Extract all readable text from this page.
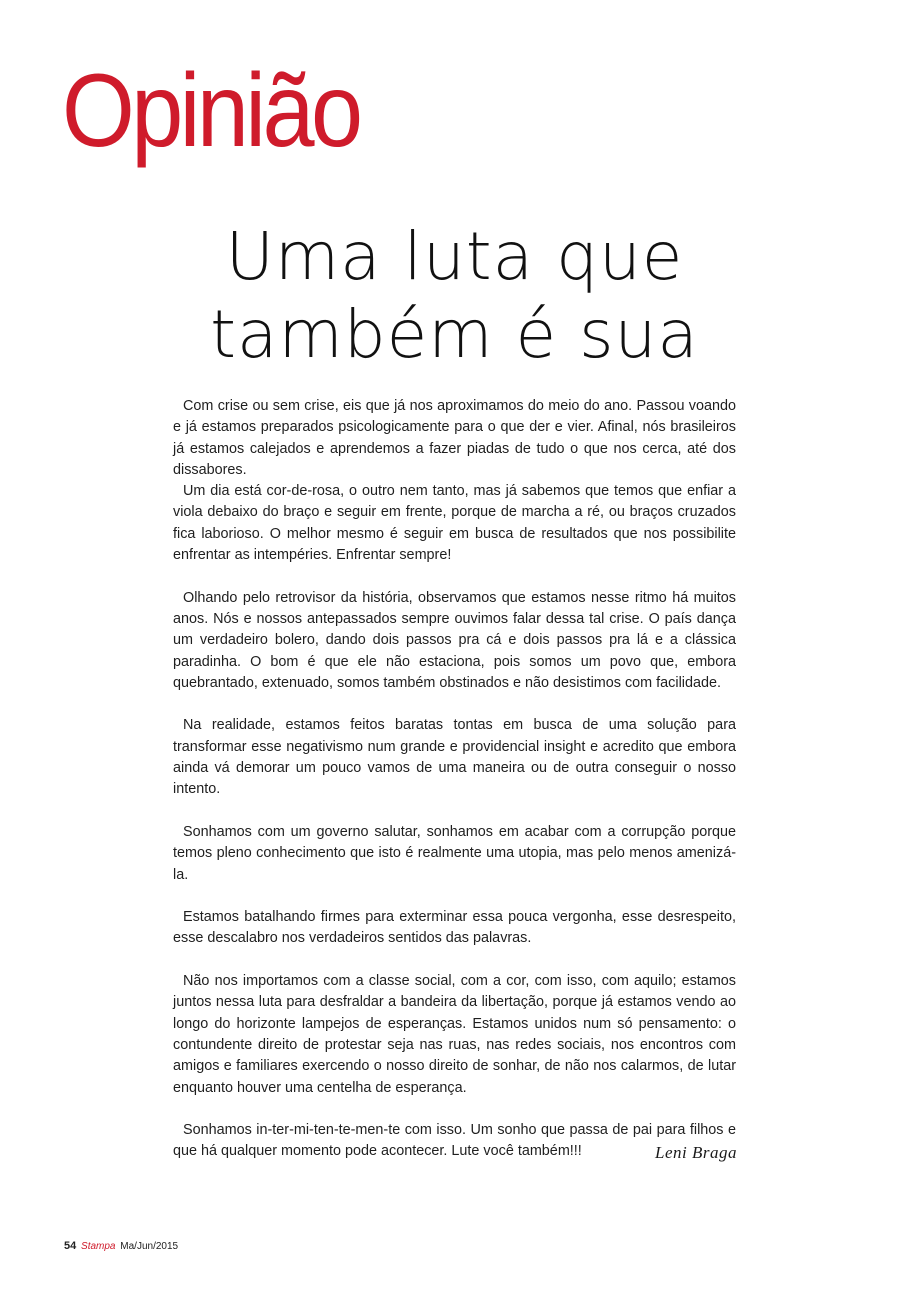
Opinião
Uma luta que
também é sua

Com crise ou sem crise, eis que já nos aproximamos do meio do ano. Passou voando e já estamos preparados psicologicamente para o que der e vier. Afinal, nós brasileiros já estamos calejados e aprendemos a fazer piadas de tudo o que nos cerca, até dos dissabores.

Um dia está cor-de-rosa, o outro nem tanto, mas já sabemos que temos que enfiar a viola debaixo do braço e seguir em frente, porque de marcha a ré, ou braços cruzados fica laborioso. O melhor mesmo é seguir em busca de resultados que nos possibilite enfrentar as intempéries. Enfrentar sempre!

Olhando pelo retrovisor da história, observamos que estamos nesse ritmo há muitos anos. Nós e nossos antepassados sempre ouvimos falar dessa tal crise. O país dança um verdadeiro bolero, dando dois passos pra cá e dois passos pra lá e a clássica paradinha. O bom é que ele não estaciona, pois somos um povo que, embora quebrantado, extenuado, somos também obstinados e não desistimos com facilidade.

Na realidade, estamos feitos baratas tontas em busca de uma solução para transformar esse negativismo num grande e providencial insight e acredito que embora ainda vá demorar um pouco vamos de uma maneira ou de outra conseguir o nosso intento.

Sonhamos com um governo salutar, sonhamos em acabar com a corrupção porque temos pleno conhecimento que isto é realmente uma utopia, mas pelo menos amenizá-la.

Estamos batalhando firmes para exterminar essa pouca vergonha, esse desrespeito, esse descalabro nos verdadeiros sentidos das palavras.

Não nos importamos com a classe social, com a cor, com isso, com aquilo; estamos juntos nessa luta para desfraldar a bandeira da libertação, porque já estamos vendo ao longo do horizonte lampejos de esperanças. Estamos unidos num só pensamento: o contundente direito de protestar seja nas ruas, nas redes sociais, nos encontros com amigos e familiares exercendo o nosso direito de sonhar, de não nos calarmos, de lutar enquanto houver uma centelha de esperança.

Sonhamos in-ter-mi-ten-te-men-te com isso. Um sonho que passa de pai para filhos e que há qualquer momento pode acontecer. Lute você também!!!	Leni Braga
54 Stampa Ma/Jun/2015
